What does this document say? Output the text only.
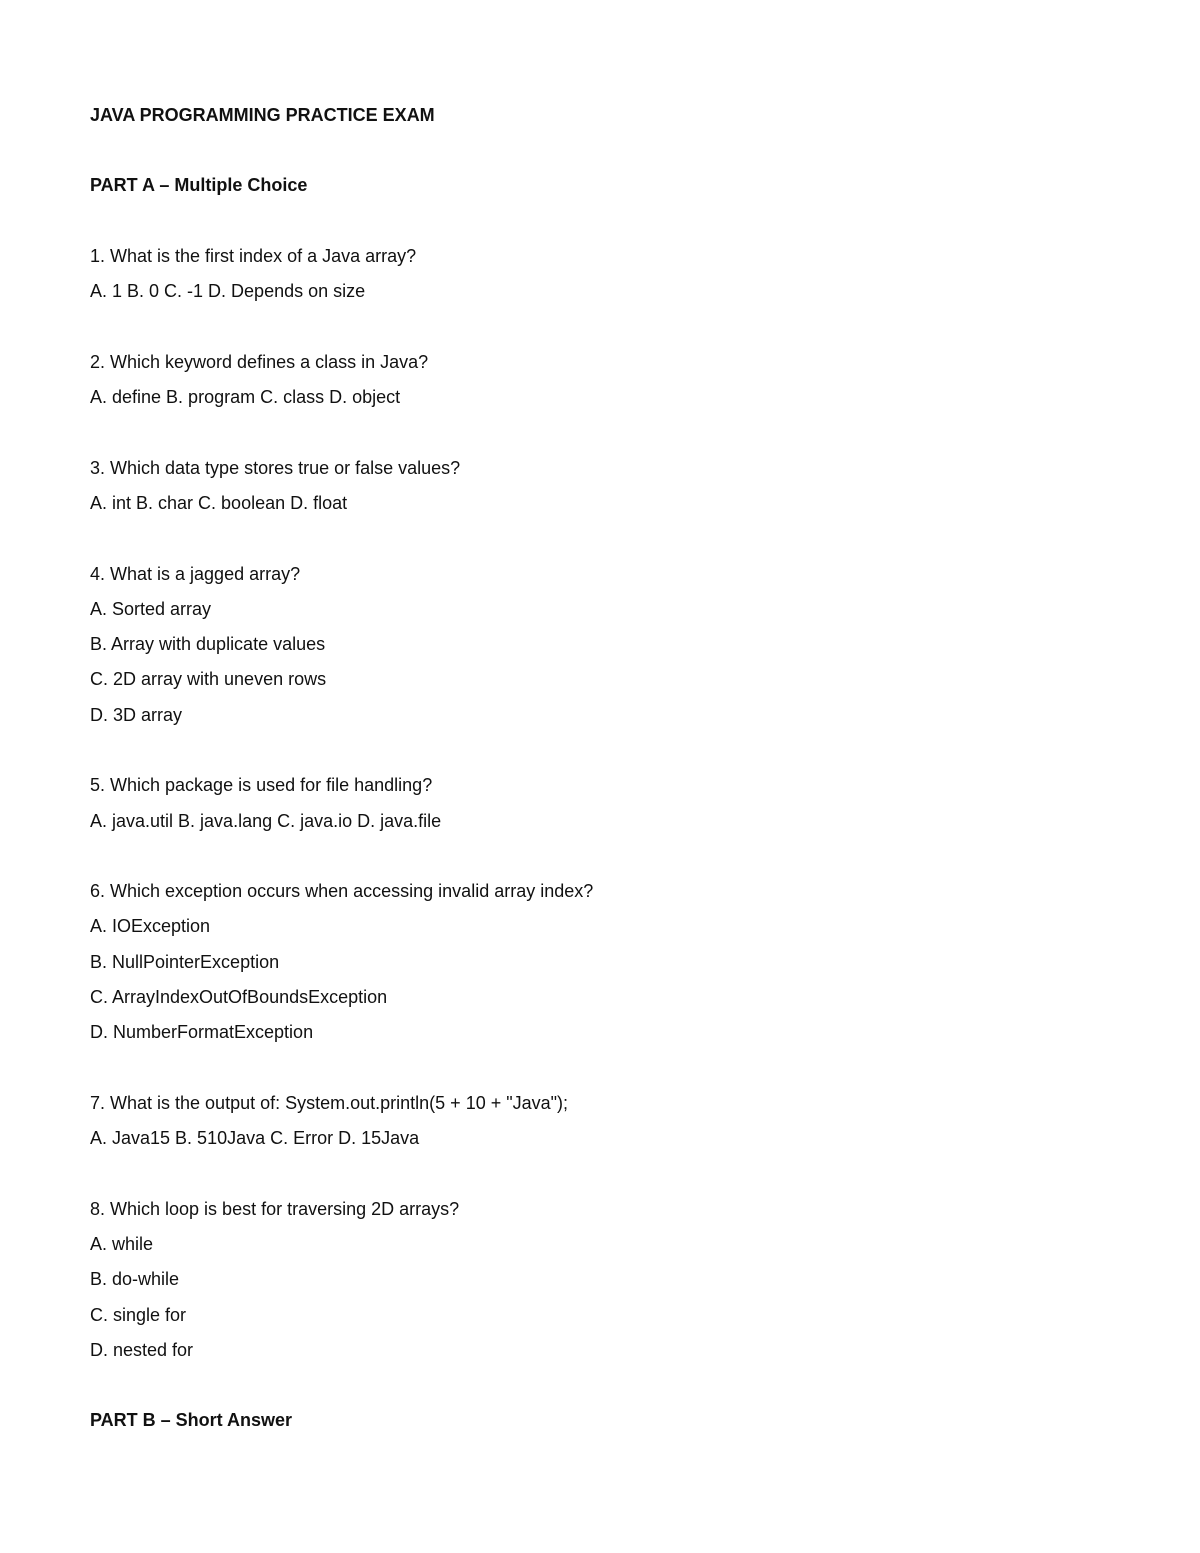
JAVA PROGRAMMING PRACTICE EXAM
PART A – Multiple Choice
1. What is the first index of a Java array?
A. 1 B. 0 C. -1 D. Depends on size
2. Which keyword defines a class in Java?
A. define B. program C. class D. object
3. Which data type stores true or false values?
A. int B. char C. boolean D. float
4. What is a jagged array?
A. Sorted array
B. Array with duplicate values
C. 2D array with uneven rows
D. 3D array
5. Which package is used for file handling?
A. java.util B. java.lang C. java.io D. java.file
6. Which exception occurs when accessing invalid array index?
A. IOException
B. NullPointerException
C. ArrayIndexOutOfBoundsException
D. NumberFormatException
7. What is the output of: System.out.println(5 + 10 + "Java");
A. Java15 B. 510Java C. Error D. 15Java
8. Which loop is best for traversing 2D arrays?
A. while
B. do-while
C. single for
D. nested for
PART B – Short Answer
